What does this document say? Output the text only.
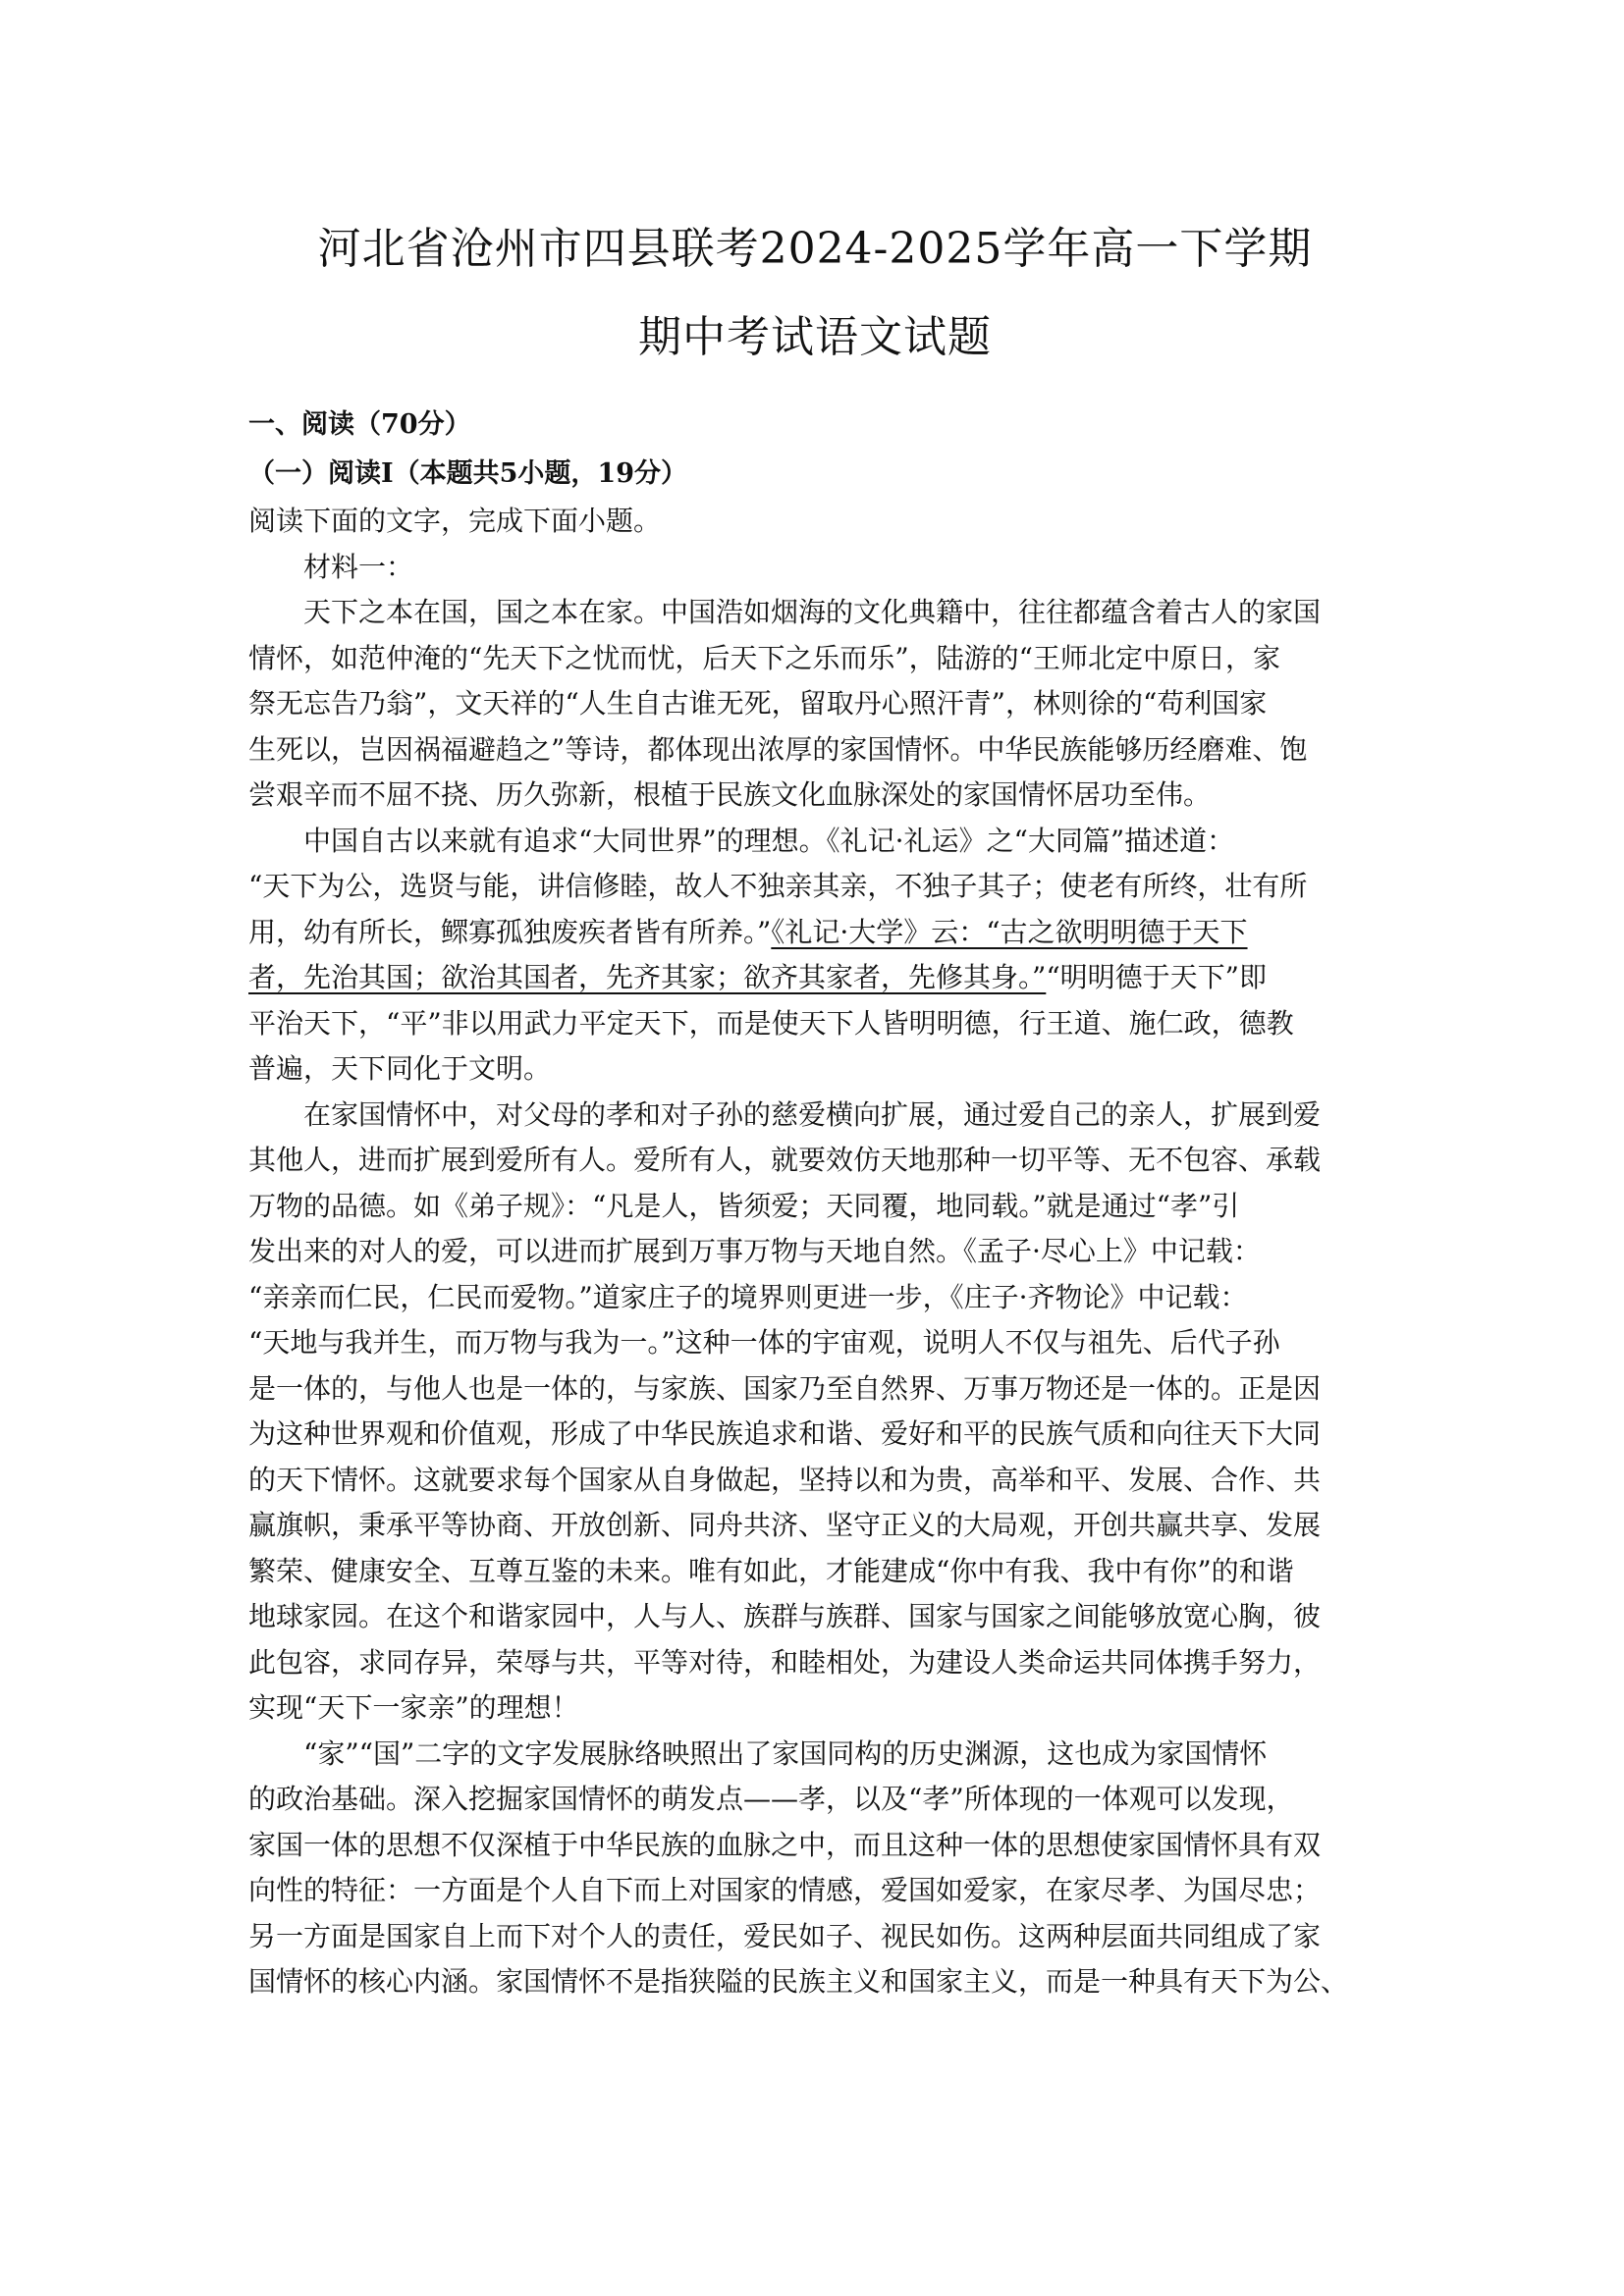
河北省沧州市四县联考2024-2025学年高一下学期
期中考试语文试题

一、阅读（70分）

（一）阅读Ⅰ（本题共5小题，19分）

阅读下面的文字，完成下面小题。

材料一：

天下之本在国，国之本在家。中国浩如烟海的文化典籍中，往往都蕴含着古人的家国

情怀，如范仲淹的“先天下之忧而忧，后天下之乐而乐”，陆游的“王师北定中原日，家

祭无忘告乃翁”，文天祥的“人生自古谁无死，留取丹心照汗青”，林则徐的“苟利国家

生死以，岂因祸福避趋之”等诗，都体现出浓厚的家国情怀。中华民族能够历经磨难、饱

尝艰辛而不屈不挠、历久弥新，根植于民族文化血脉深处的家国情怀居功至伟。

中国自古以来就有追求“大同世界”的理想。《礼记·礼运》之“大同篇”描述道：

“天下为公，选贤与能，讲信修睦，故人不独亲其亲，不独子其子；使老有所终，壮有所

用，幼有所长，鳏寡孤独废疾者皆有所养。”《礼记·大学》云：“古之欲明明德于天下

者，先治其国；欲治其国者，先齐其家；欲齐其家者，先修其身。”“明明德于天下”即

平治天下，“平”非以用武力平定天下，而是使天下人皆明明德，行王道、施仁政，德教

普遍，天下同化于文明。

在家国情怀中，对父母的孝和对子孙的慈爱横向扩展，通过爱自己的亲人，扩展到爱

其他人，进而扩展到爱所有人。爱所有人，就要效仿天地那种一切平等、无不包容、承载

万物的品德。如《弟子规》：“凡是人，皆须爱；天同覆，地同载。”就是通过“孝”引

发出来的对人的爱，可以进而扩展到万事万物与天地自然。《孟子·尽心上》中记载：

“亲亲而仁民，仁民而爱物。”道家庄子的境界则更进一步，《庄子·齐物论》中记载：

“天地与我并生，而万物与我为一。”这种一体的宇宙观，说明人不仅与祖先、后代子孙

是一体的，与他人也是一体的，与家族、国家乃至自然界、万事万物还是一体的。正是因

为这种世界观和价值观，形成了中华民族追求和谐、爱好和平的民族气质和向往天下大同

的天下情怀。这就要求每个国家从自身做起，坚持以和为贵，高举和平、发展、合作、共

赢旗帜，秉承平等协商、开放创新、同舟共济、坚守正义的大局观，开创共赢共享、发展

繁荣、健康安全、互尊互鉴的未来。唯有如此，才能建成“你中有我、我中有你”的和谐

地球家园。在这个和谐家园中，人与人、族群与族群、国家与国家之间能够放宽心胸，彼

此包容，求同存异，荣辱与共，平等对待，和睦相处，为建设人类命运共同体携手努力，

实现“天下一家亲”的理想！

“家”“国”二字的文字发展脉络映照出了家国同构的历史渊源，这也成为家国情怀

的政治基础。深入挖掘家国情怀的萌发点——孝，以及“孝”所体现的一体观可以发现，

家国一体的思想不仅深植于中华民族的血脉之中，而且这种一体的思想使家国情怀具有双

向性的特征：一方面是个人自下而上对国家的情感，爱国如爱家，在家尽孝、为国尽忠；

另一方面是国家自上而下对个人的责任，爱民如子、视民如伤。这两种层面共同组成了家

国情怀的核心内涵。家国情怀不是指狭隘的民族主义和国家主义，而是一种具有天下为公、
